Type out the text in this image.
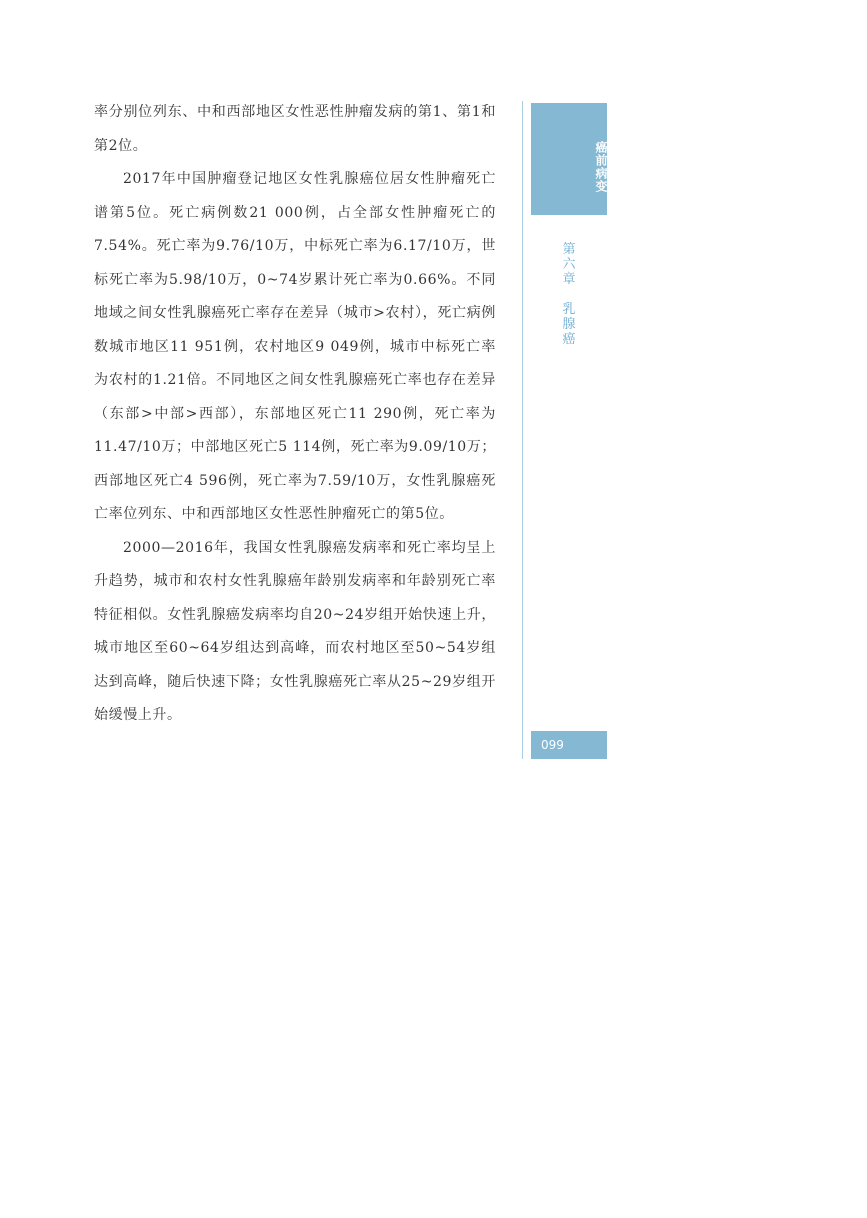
率分别位列东、中和西部地区女性恶性肿瘤发病的第1、第1和第2位。

2017年中国肿瘤登记地区女性乳腺癌位居女性肿瘤死亡谱第5位。死亡病例数21 000例，占全部女性肿瘤死亡的7.54%。死亡率为9.76/10万，中标死亡率为6.17/10万，世标死亡率为5.98/10万，0~74岁累计死亡率为0.66%。不同地域之间女性乳腺癌死亡率存在差异（城市>农村），死亡病例数城市地区11 951例，农村地区9 049例，城市中标死亡率为农村的1.21倍。不同地区之间女性乳腺癌死亡率也存在差异（东部>中部>西部），东部地区死亡11 290例，死亡率为11.47/10万；中部地区死亡5 114例，死亡率为9.09/10万；西部地区死亡4 596例，死亡率为7.59/10万，女性乳腺癌死亡率位列东、中和西部地区女性恶性肿瘤死亡的第5位。

2000—2016年，我国女性乳腺癌发病率和死亡率均呈上升趋势，城市和农村女性乳腺癌年龄别发病率和年龄别死亡率特征相似。女性乳腺癌发病率均自20~24岁组开始快速上升，城市地区至60~64岁组达到高峰，而农村地区至50~54岁组达到高峰，随后快速下降；女性乳腺癌死亡率从25~29岁组开始缓慢上升。

癌前病变
第
六
章
乳
腺
癌
099
